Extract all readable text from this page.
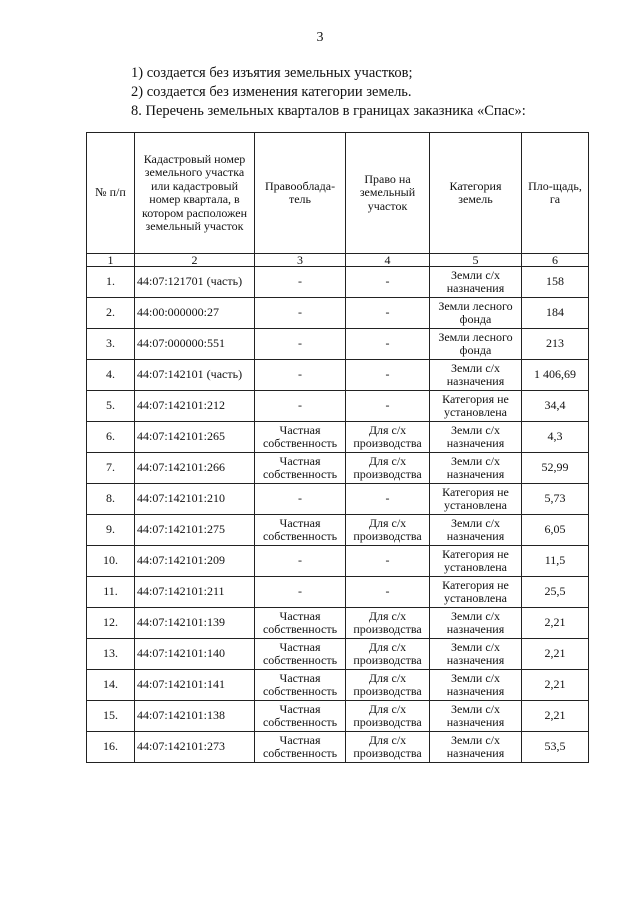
3

1) создается без изъятия земельных участков;

2) создается без изменения категории земель.

8. Перечень земельных кварталов в границах заказника «Спас»:

№ п/п	Кадастровый номер земельного участка или кадастровый номер квартала, в котором расположен земельный участок	Правооблада-тель	Право на земельный участок	Категория земель	Пло-щадь, га
1	2	3	4	5	6
1.	44:07:121701 (часть)	-	-	Земли с/х назначения	158
2.	44:00:000000:27	-	-	Земли лесного фонда	184
3.	44:07:000000:551	-	-	Земли лесного фонда	213
4.	44:07:142101 (часть)	-	-	Земли с/х назначения	1 406,69
5.	44:07:142101:212	-	-	Категория не установлена	34,4
6.	44:07:142101:265	Частная собственность	Для с/х производства	Земли с/х назначения	4,3
7.	44:07:142101:266	Частная собственность	Для с/х производства	Земли с/х назначения	52,99
8.	44:07:142101:210	-	-	Категория не установлена	5,73
9.	44:07:142101:275	Частная собственность	Для с/х производства	Земли с/х назначения	6,05
10.	44:07:142101:209	-	-	Категория не установлена	11,5
11.	44:07:142101:211	-	-	Категория не установлена	25,5
12.	44:07:142101:139	Частная собственность	Для с/х производства	Земли с/х назначения	2,21
13.	44:07:142101:140	Частная собственность	Для с/х производства	Земли с/х назначения	2,21
14.	44:07:142101:141	Частная собственность	Для с/х производства	Земли с/х назначения	2,21
15.	44:07:142101:138	Частная собственность	Для с/х производства	Земли с/х назначения	2,21
16.	44:07:142101:273	Частная собственность	Для с/х производства	Земли с/х назначения	53,5
